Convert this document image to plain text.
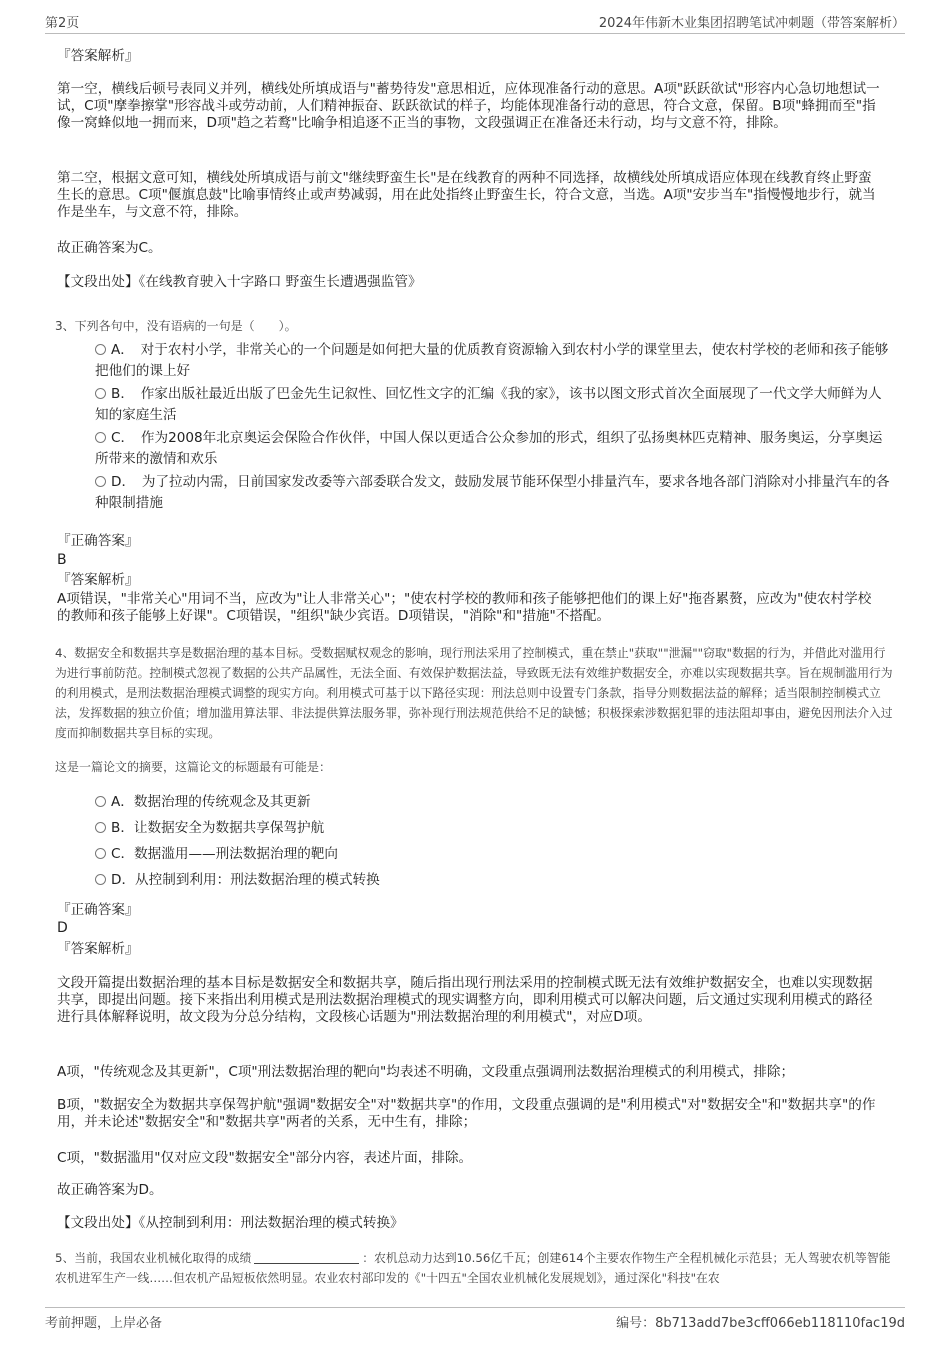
第2页	2024年伟新木业集团招聘笔试冲刺题（带答案解析）
『答案解析』

第一空，横线后顿号表同义并列，横线处所填成语与"蓄势待发"意思相近，应体现准备行动的意思。A项"跃跃欲试"形容内心急切地想试一试，C项"摩拳擦掌"形容战斗或劳动前，人们精神振奋、跃跃欲试的样子，均能体现准备行动的意思，符合文意，保留。B项"蜂拥而至"指像一窝蜂似地一拥而来，D项"趋之若鹜"比喻争相追逐不正当的事物，文段强调正在准备还未行动，均与文意不符，排除。

第二空，根据文意可知，横线处所填成语与前文"继续野蛮生长"是在线教育的两种不同选择，故横线处所填成语应体现在线教育终止野蛮生长的意思。C项"偃旗息鼓"比喻事情终止或声势减弱，用在此处指终止野蛮生长，符合文意，当选。A项"安步当车"指慢慢地步行，就当作是坐车，与文意不符，排除。

故正确答案为C。

【文段出处】《在线教育驶入十字路口 野蛮生长遭遇强监管》

3、下列各句中，没有语病的一句是（　　）。

A．　对于农村小学，非常关心的一个问题是如何把大量的优质教育资源输入到农村小学的课堂里去，使农村学校的老师和孩子能够把他们的课上好
B．　作家出版社最近出版了巴金先生记叙性、回忆性文字的汇编《我的家》，该书以图文形式首次全面展现了一代文学大师鲜为人知的家庭生活
C．　作为2008年北京奥运会保险合作伙伴，中国人保以更适合公众参加的形式，组织了弘扬奥林匹克精神、服务奥运，分享奥运所带来的激情和欢乐
D．　为了拉动内需，日前国家发改委等六部委联合发文，鼓励发展节能环保型小排量汽车，要求各地各部门消除对小排量汽车的各种限制措施
『正确答案』
B
『答案解析』

A项错误，"非常关心"用词不当，应改为"让人非常关心"；"使农村学校的教师和孩子能够把他们的课上好"拖沓累赘，应改为"使农村学校的教师和孩子能够上好课"。C项错误，"组织"缺少宾语。D项错误，"消除"和"措施"不搭配。

4、数据安全和数据共享是数据治理的基本目标。受数据赋权观念的影响，现行刑法采用了控制模式，重在禁止"获取""泄漏""窃取"数据的行为，并借此对滥用行为进行事前防范。控制模式忽视了数据的公共产品属性，无法全面、有效保护数据法益，导致既无法有效维护数据安全，亦难以实现数据共享。旨在规制滥用行为的利用模式，是刑法数据治理模式调整的现实方向。利用模式可基于以下路径实现：刑法总则中设置专门条款，指导分则数据法益的解释；适当限制控制模式立法，发挥数据的独立价值；增加滥用算法罪、非法提供算法服务罪，弥补现行刑法规范供给不足的缺憾；积极探索涉数据犯罪的违法阻却事由，避免因刑法介入过度而抑制数据共享目标的实现。

这是一篇论文的摘要，这篇论文的标题最有可能是：

A．数据治理的传统观念及其更新
B．让数据安全为数据共享保驾护航
C．数据滥用——刑法数据治理的靶向
D．从控制到利用：刑法数据治理的模式转换
『正确答案』
D
『答案解析』

文段开篇提出数据治理的基本目标是数据安全和数据共享，随后指出现行刑法采用的控制模式既无法有效维护数据安全，也难以实现数据共享，即提出问题。接下来指出利用模式是刑法数据治理模式的现实调整方向，即利用模式可以解决问题，后文通过实现利用模式的路径进行具体解释说明，故文段为分总分结构，文段核心话题为"刑法数据治理的利用模式"，对应D项。

A项，"传统观念及其更新"，C项"刑法数据治理的靶向"均表述不明确，文段重点强调刑法数据治理模式的利用模式，排除；

B项，"数据安全为数据共享保驾护航"强调"数据安全"对"数据共享"的作用，文段重点强调的是"利用模式"对"数据安全"和"数据共享"的作用，并未论述"数据安全"和"数据共享"两者的关系，无中生有，排除；

C项，"数据滥用"仅对应文段"数据安全"部分内容，表述片面，排除。

故正确答案为D。

【文段出处】《从控制到利用：刑法数据治理的模式转换》

5、当前，我国农业机械化取得的成绩	：农机总动力达到10.56亿千瓦；创建614个主要农作物生产全程机械化示范县；无人驾驶农机等智能农机进军生产一线……但农机产品短板依然明显。农业农村部印发的《"十四五"全国农业机械化发展规划》，通过深化"科技"在农

考前押题，上岸必备	编号：8b713add7be3cff066eb118110fac19d
